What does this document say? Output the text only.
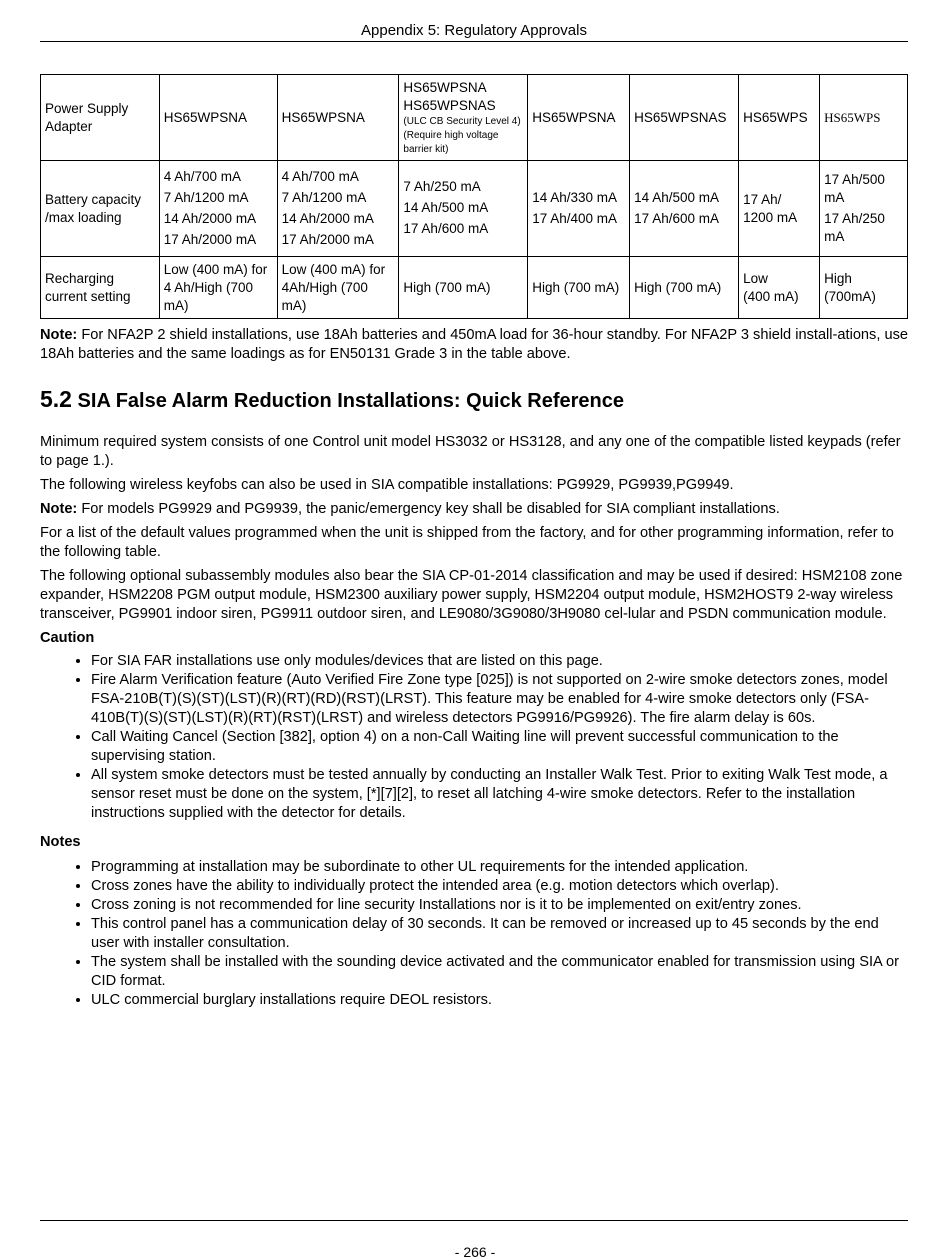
Appendix 5: Regulatory Approvals
Power Supply Adapter	HS65WPSNA	HS65WPSNA	HS65WPSNA
HS65WPSNAS
(ULC CB Security Level 4)
(Require high voltage
barrier kit)	HS65WPSNA	HS65WPSNAS	HS65WPS	HS65WPS

Battery capacity /max loading	4 Ah/700 mA
7 Ah/1200 mA
14 Ah/2000 mA
17 Ah/2000 mA	4 Ah/700 mA
7 Ah/1200 mA
14 Ah/2000 mA
17 Ah/2000 mA	7 Ah/250 mA
14 Ah/500 mA
17 Ah/600 mA	14 Ah/330 mA
17 Ah/400 mA	14 Ah/500 mA
17 Ah/600 mA	17 Ah/
1200 mA	17 Ah/500 mA
17 Ah/250 mA

Recharging current setting	Low (400 mA) for 4 Ah/High (700 mA)	Low (400 mA) for 4Ah/High (700 mA)	High (700 mA)	High (700 mA)	High (700 mA)	Low
(400 mA)	High
(700mA)

Note: For NFA2P 2 shield installations, use 18Ah batteries and 450mA load for 36-hour standby. For NFA2P 3 shield install-ations, use 18Ah batteries and the same loadings as for EN50131 Grade 3 in the table above.

5.2 SIA False Alarm Reduction Installations: Quick Reference

Minimum required system consists of one Control unit model HS3032 or HS3128, and any one of the compatible listed keypads (refer to page 1.).

The following wireless keyfobs can also be used in SIA compatible installations: PG9929, PG9939,PG9949.

Note: For models PG9929 and PG9939, the panic/emergency key shall be disabled for SIA compliant installations.

For a list of the default values programmed when the unit is shipped from the factory, and for other programming information, refer to the following table.

The following optional subassembly modules also bear the SIA CP-01-2014 classification and may be used if desired: HSM2108 zone expander, HSM2208 PGM output module, HSM2300 auxiliary power supply, HSM2204 output module, HSM2HOST9 2-way wireless transceiver, PG9901 indoor siren, PG9911 outdoor siren, and LE9080/3G9080/3H9080 cel-lular and PSDN communication module.

Caution
• For SIA FAR installations use only modules/devices that are listed on this page.
• Fire Alarm Verification feature (Auto Verified Fire Zone type [025]) is not supported on 2-wire smoke detectors zones, model FSA-210B(T)(S)(ST)(LST)(R)(RT)(RD)(RST)(LRST). This feature may be enabled for 4-wire smoke detectors only (FSA-410B(T)(S)(ST)(LST)(R)(RT)(RST)(LRST) and wireless detectors PG9916/PG9926). The fire alarm delay is 60s.
• Call Waiting Cancel (Section [382], option 4) on a non-Call Waiting line will prevent successful communication to the supervising station.
• All system smoke detectors must be tested annually by conducting an Installer Walk Test. Prior to exiting Walk Test mode, a sensor reset must be done on the system, [*][7][2], to reset all latching 4-wire smoke detectors. Refer to the installation instructions supplied with the detector for details.
Notes
• Programming at installation may be subordinate to other UL requirements for the intended application.
• Cross zones have the ability to individually protect the intended area (e.g. motion detectors which overlap).
• Cross zoning is not recommended for line security Installations nor is it to be implemented on exit/entry zones.
• This control panel has a communication delay of 30 seconds. It can be removed or increased up to 45 seconds by the end user with installer consultation.
• The system shall be installed with the sounding device activated and the communicator enabled for transmission using SIA or CID format.
• ULC commercial burglary installations require DEOL resistors.
- 266 -
